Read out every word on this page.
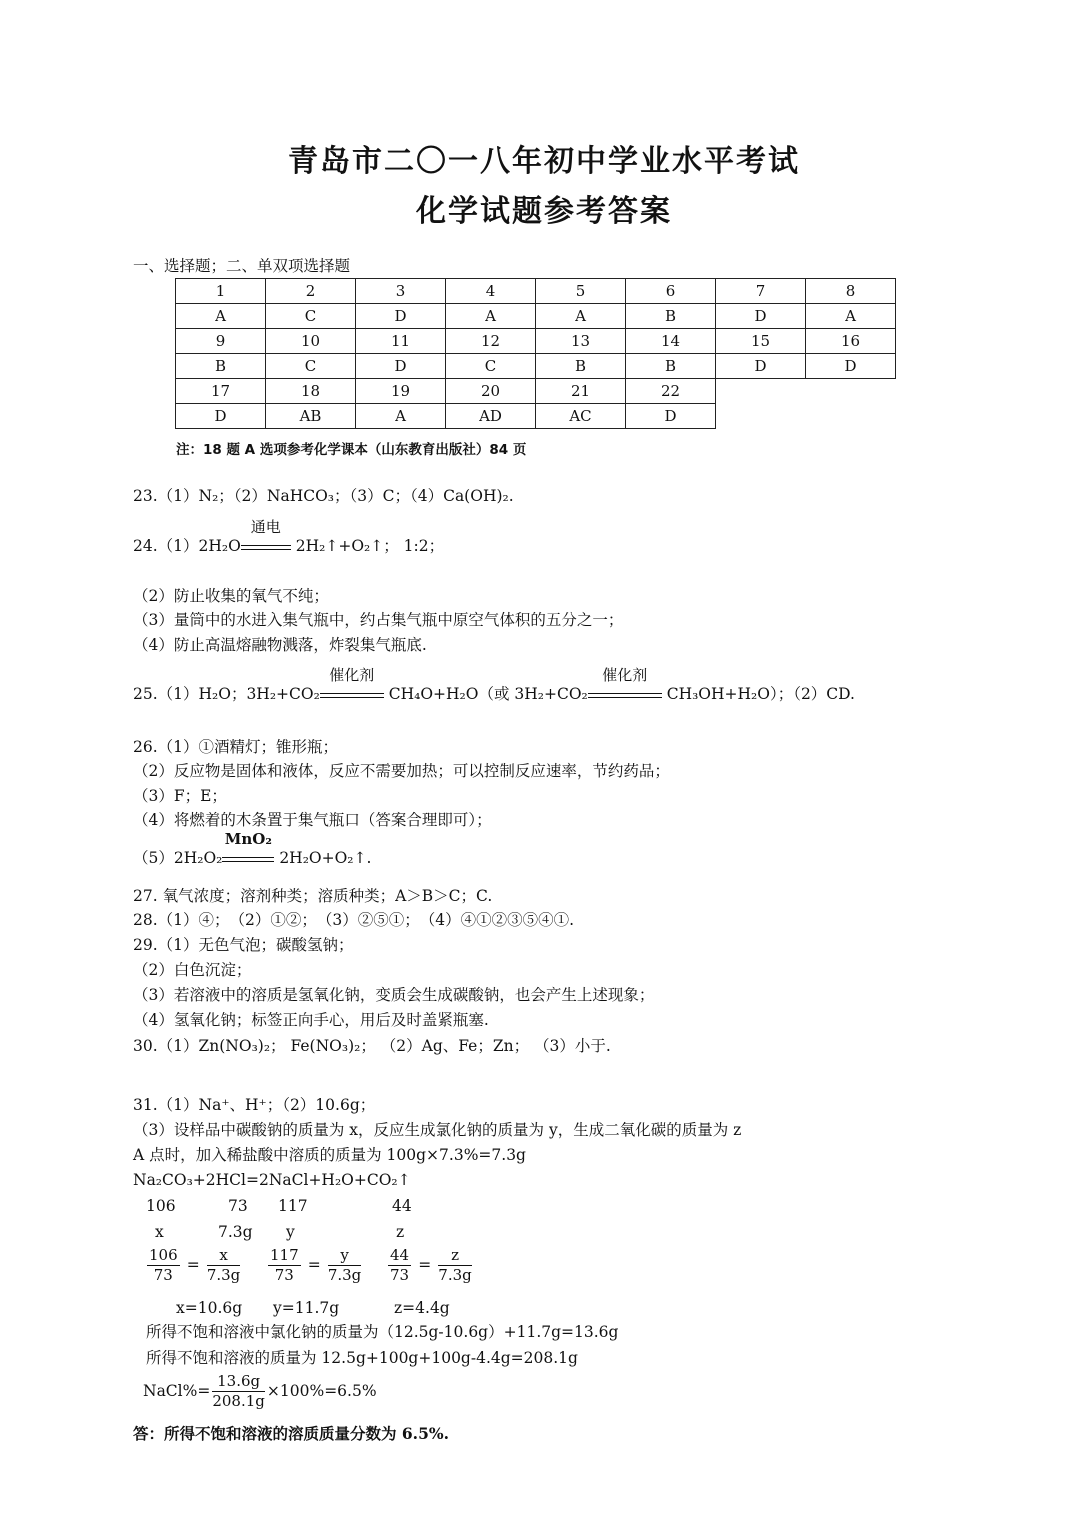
青岛市二〇一八年初中学业水平考试
化学试题参考答案
一、选择题；二、单双项选择题
1	2	3	4	5	6	7	8
A	C	D	A	A	B	D	A
9	10	11	12	13	14	15	16
B	C	D	C	B	B	D	D
17	18	19	20	21	22		
D	AB	A	AD	AC	D		
注：18 题 A 选项参考化学课本（山东教育出版社）84 页
23.（1）N₂；（2）NaHCO₃；（3）C；（4）Ca(OH)₂.
24.（1）2H₂O
通电
2H₂↑+O₂↑； 1:2；
（2）防止收集的氧气不纯；
（3）量筒中的水进入集气瓶中，约占集气瓶中原空气体积的五分之一；
（4）防止高温熔融物溅落，炸裂集气瓶底.
25.（1）H₂O；3H₂+CO₂
催化剂
CH₄O+H₂O（或 3H₂+CO₂
催化剂
CH₃OH+H₂O）；（2）CD.
26.（1）①酒精灯；锥形瓶；
（2）反应物是固体和液体，反应不需要加热；可以控制反应速率，节约药品；
（3）F；E；
（4）将燃着的木条置于集气瓶口（答案合理即可）；
（5）2H₂O₂
MnO₂
2H₂O+O₂↑.
27. 氧气浓度；溶剂种类；溶质种类；A＞B＞C；C.
28.（1）④；　（2）①②；　（3）②⑤①；　（4）④①②③⑤④①.
29.（1）无色气泡；碳酸氢钠；
（2）白色沉淀；
（3）若溶液中的溶质是氢氧化钠，变质会生成碳酸钠，也会产生上述现象；
（4）氢氧化钠；标签正向手心，用后及时盖紧瓶塞.
30.（1）Zn(NO₃)₂； Fe(NO₃)₂； （2）Ag、Fe；Zn； （3）小于.
31.（1）Na⁺、H⁺；（2）10.6g；
（3）设样品中碳酸钠的质量为 x，反应生成氯化钠的质量为 y，生成二氧化碳的质量为 z
A 点时，加入稀盐酸中溶质的质量为 100g×7.3%=7.3g
Na₂CO₃+2HCl=2NaCl+H₂O+CO₂↑
106	73 117	44
x	7.3g y	z
$\frac{106}{73} = \frac{x}{7.3g} \frac{117}{73} = \frac{y}{7.3g} \frac{44}{73} = \frac{z}{7.3g}$
x=10.6g y=11.7g	z=4.4g
所得不饱和溶液中氯化钠的质量为（12.5g-10.6g）+11.7g=13.6g
所得不饱和溶液的质量为 12.5g+100g+100g-4.4g=208.1g
NaCl%= $\frac{13.6g}{208.1g} \times 100\%=6.5\%$
答：所得不饱和溶液的溶质质量分数为 6.5%.
